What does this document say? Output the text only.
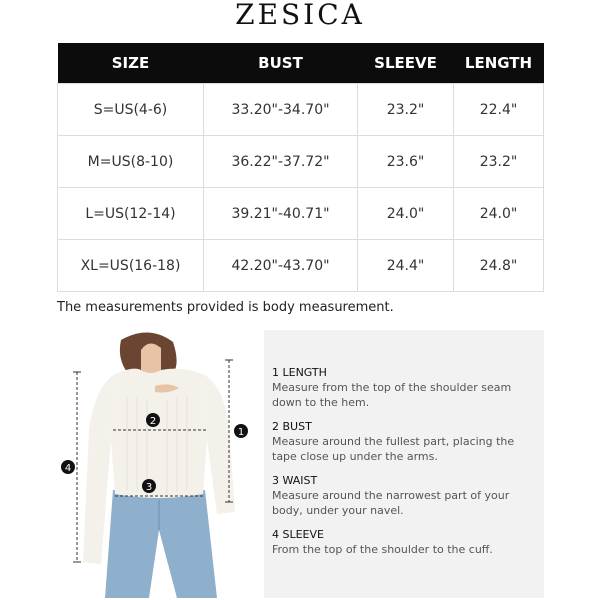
ZESICA
SIZE	BUST	SLEEVE	LENGTH
S=US(4-6)	33.20"-34.70"	23.2"	22.4"
M=US(8-10)	36.22"-37.72"	23.6"	23.2"
L=US(12-14)	39.21"-40.71"	24.0"	24.0"
XL=US(16-18)	42.20"-43.70"	24.4"	24.8"
The measurements provided is body measurement.
1
2
3
4
1 LENGTH
Measure from the top of the shoulder seam down to the hem.
2 BUST
Measure around the fullest part, placing the tape close up under the arms.
3 WAIST
Measure around the narrowest part of your body, under your navel.
4 SLEEVE
From the top of the shoulder to the cuff.
